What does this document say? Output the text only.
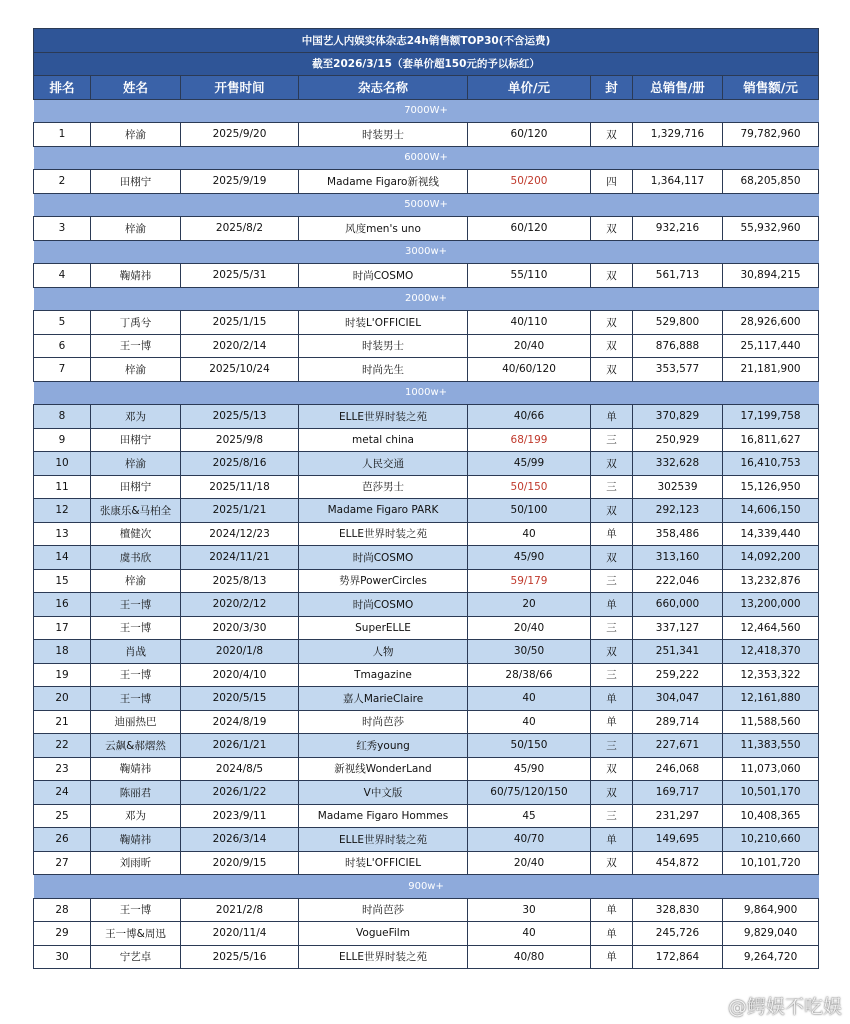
中国艺人内娱实体杂志24h销售额TOP30(不含运费)							
截至2026/3/15（套单价超150元的予以标红）							
排名	姓名	开售时间	杂志名称	单价/元	封	总销售/册	销售额/元
7000W+							
1	梓渝	2025/9/20	时装男士	60/120	双	1,329,716	79,782,960
6000W+							
2	田栩宁	2025/9/19	Madame Figaro新视线	50/200	四	1,364,117	68,205,850
5000W+							
3	梓渝	2025/8/2	风度men's uno	60/120	双	932,216	55,932,960
3000w+							
4	鞠婧祎	2025/5/31	时尚COSMO	55/110	双	561,713	30,894,215
2000w+							
5	丁禹兮	2025/1/15	时装L'OFFICIEL	40/110	双	529,800	28,926,600
6	王一博	2020/2/14	时装男士	20/40	双	876,888	25,117,440
7	梓渝	2025/10/24	时尚先生	40/60/120	双	353,577	21,181,900
1000w+							
8	邓为	2025/5/13	ELLE世界时装之苑	40/66	单	370,829	17,199,758
9	田栩宁	2025/9/8	metal china	68/199	三	250,929	16,811,627
10	梓渝	2025/8/16	人民交通	45/99	双	332,628	16,410,753
11	田栩宁	2025/11/18	芭莎男士	50/150	三	302539	15,126,950
12	张康乐&马柏全	2025/1/21	Madame Figaro PARK	50/100	双	292,123	14,606,150
13	檀健次	2024/12/23	ELLE世界时装之苑	40	单	358,486	14,339,440
14	虞书欣	2024/11/21	时尚COSMO	45/90	双	313,160	14,092,200
15	梓渝	2025/8/13	势界PowerCircles	59/179	三	222,046	13,232,876
16	王一博	2020/2/12	时尚COSMO	20	单	660,000	13,200,000
17	王一博	2020/3/30	SuperELLE	20/40	三	337,127	12,464,560
18	肖战	2020/1/8	人物	30/50	双	251,341	12,418,370
19	王一博	2020/4/10	Tmagazine	28/38/66	三	259,222	12,353,322
20	王一博	2020/5/15	嘉人MarieClaire	40	单	304,047	12,161,880
21	迪丽热巴	2024/8/19	时尚芭莎	40	单	289,714	11,588,560
22	云飙&郝熠然	2026/1/21	红秀young	50/150	三	227,671	11,383,550
23	鞠婧祎	2024/8/5	新视线WonderLand	45/90	双	246,068	11,073,060
24	陈丽君	2026/1/22	V中文版	60/75/120/150	双	169,717	10,501,170
25	邓为	2023/9/11	Madame Figaro Hommes	45	三	231,297	10,408,365
26	鞠婧祎	2026/3/14	ELLE世界时装之苑	40/70	单	149,695	10,210,660
27	刘雨昕	2020/9/15	时装L'OFFICIEL	20/40	双	454,872	10,101,720
900w+							
28	王一博	2021/2/8	时尚芭莎	30	单	328,830	9,864,900
29	王一博&周迅	2020/11/4	VogueFilm	40	单	245,726	9,829,040
30	宁艺卓	2025/5/16	ELLE世界时装之苑	40/80	单	172,864	9,264,720
@鳄娱不吃娱
